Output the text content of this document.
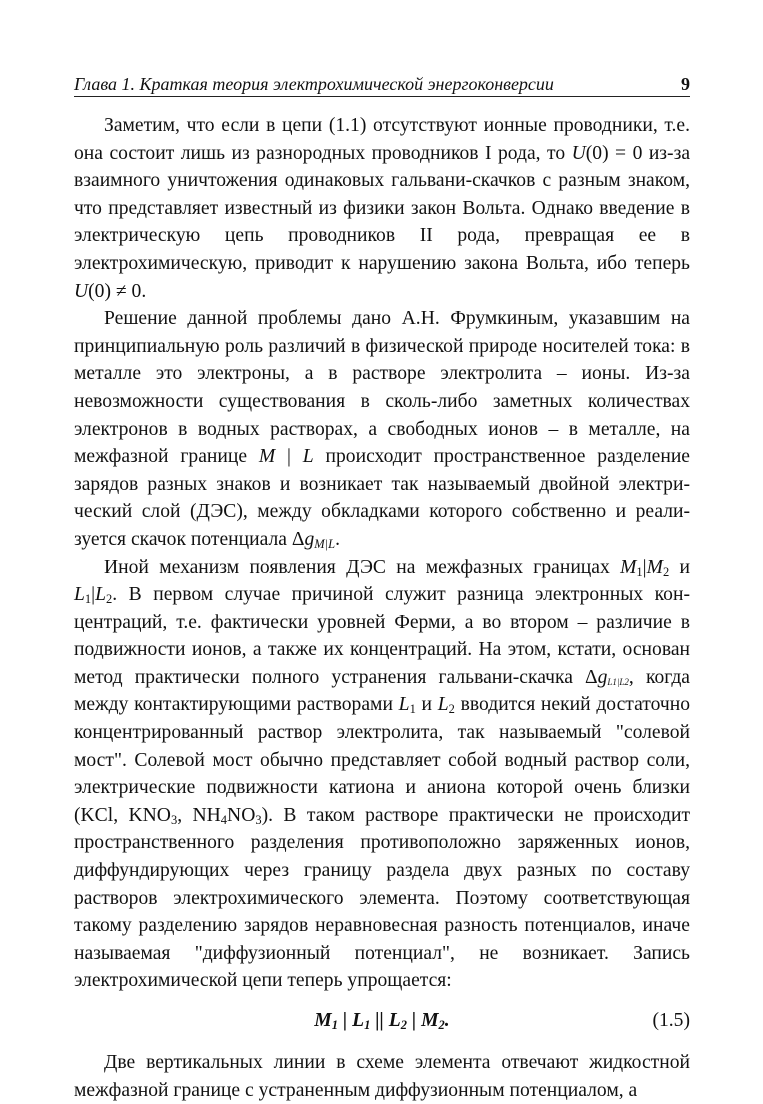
Глава 1. Краткая теория электрохимической энергоконверсии	9

Заметим, что если в цепи (1.1) отсутствуют ионные проводники, т.е. она состоит лишь из разнородных проводников I рода, то U(0) = 0 из-за взаимного уничтожения одинаковых гальвани-скачков с разным знаком, что представляет известный из физики закон Вольта. Однако введение в электрическую цепь проводников II рода, превращая ее в электрохимическую, приводит к нарушению закона Вольта, ибо теперь U(0) ≠ 0.

Решение данной проблемы дано А.Н. Фрумкиным, указавшим на принципиальную роль различий в физической природе носителей тока: в металле это электроны, а в растворе электролита – ионы. Из-за невозможности существования в сколь-либо заметных количествах электронов в водных растворах, а свободных ионов – в металле, на межфазной границе M | L происходит пространственное разделение зарядов разных знаков и возникает так называемый двойной электрический слой (ДЭС), между обкладками которого собственно и реализуется скачок потенциала $\Delta g_{M|L}$.

Иной механизм появления ДЭС на межфазных границах $M_1|M_2$ и $L_1|L_2$. В первом случае причиной служит разница электронных концентраций, т.е. фактически уровней Ферми, а во втором – различие в подвижности ионов, а также их концентраций. На этом, кстати, основан метод практически полного устранения гальвани-скачка $\Delta g_{L1|L2}$, когда между контактирующими растворами $L_1$ и $L_2$ вводится некий достаточно концентрированный раствор электролита, так называемый "солевой мост". Солевой мост обычно представляет собой водный раствор соли, электрические подвижности катиона и аниона которой очень близки (KCl, $KNO_3$, $NH_4NO_3$). В таком растворе практически не происходит пространственного разделения противоположно заряженных ионов, диффундирующих через границу раздела двух разных по составу растворов электрохимического элемента. Поэтому соответствующая такому разделению зарядов неравновесная разность потенциалов, иначе называемая "диффузионный потенциал", не возникает. Запись электрохимической цепи теперь упрощается:

$M_1$ | $L_1$ || $L_2$ | $M_2$.	(1.5)

Две вертикальных линии в схеме элемента отвечают жидкостной межфазной границе с устраненным диффузионным потенциалом, а
